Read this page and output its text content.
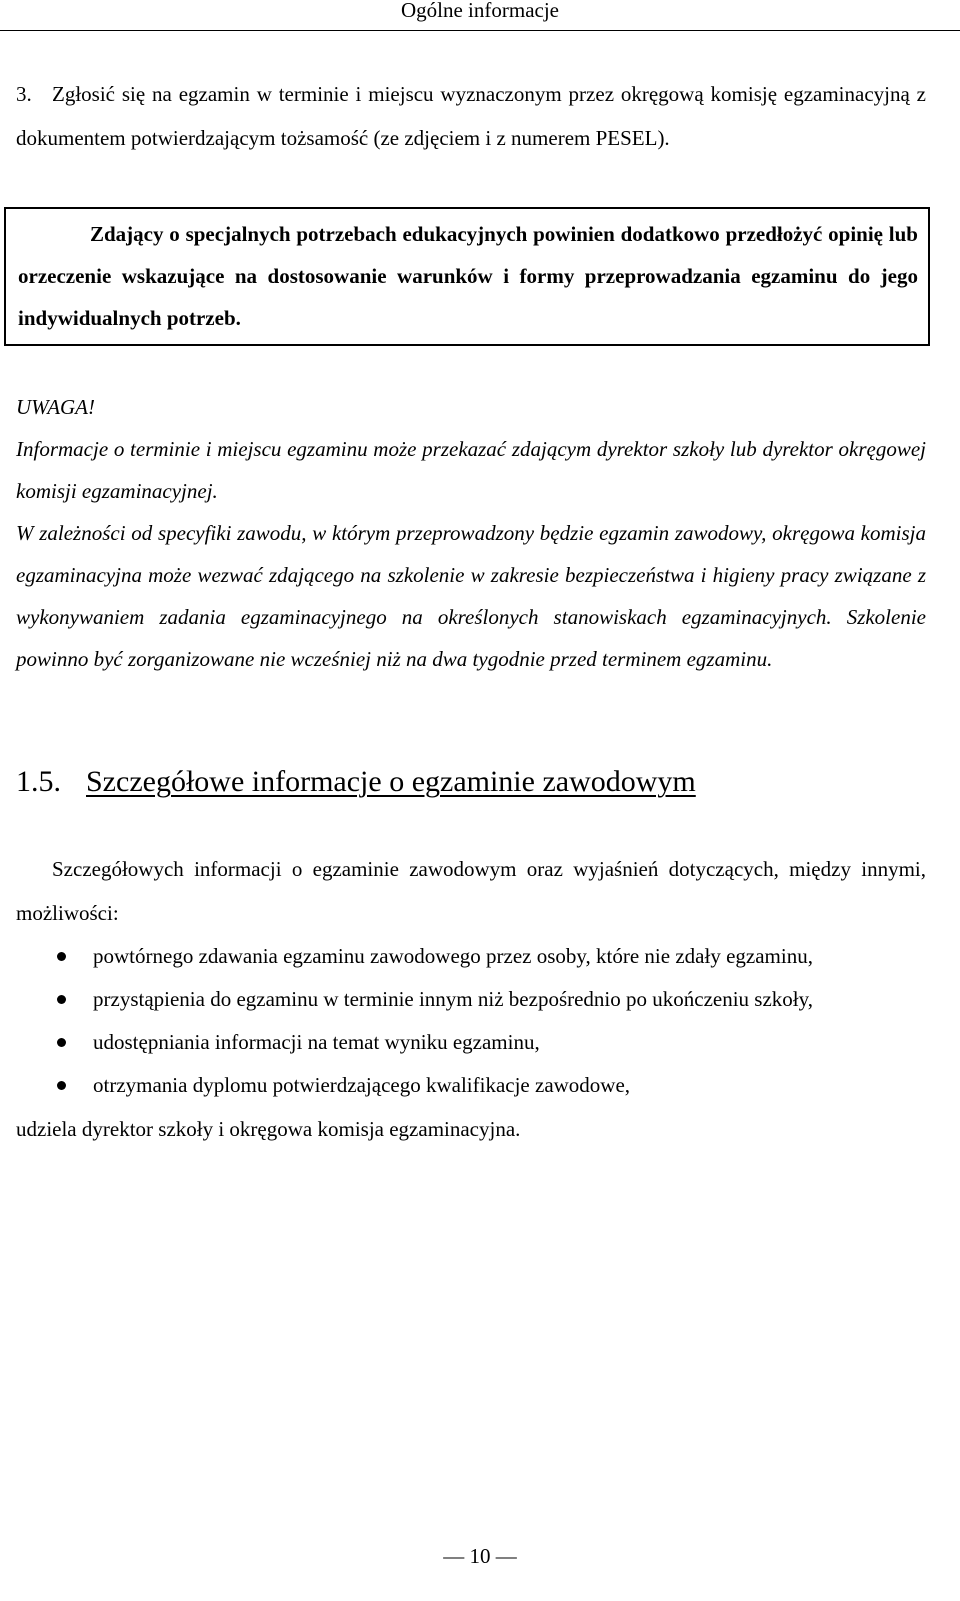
Ogólne informacje
3. Zgłosić się na egzamin w terminie i miejscu wyznaczonym przez okręgową komisję egzaminacyjną z dokumentem potwierdzającym tożsamość (ze zdjęciem i z numerem PESEL).
Zdający o specjalnych potrzebach edukacyjnych powinien dodatkowo przedłożyć opinię lub orzeczenie wskazujące na dostosowanie warunków i formy przeprowadzania egzaminu do jego indywidualnych potrzeb.

UWAGA!

Informacje o terminie i miejscu egzaminu może przekazać zdającym dyrektor szkoły lub dyrektor okręgowej komisji egzaminacyjnej.

W zależności od specyfiki zawodu, w którym przeprowadzony będzie egzamin zawodowy, okręgowa komisja egzaminacyjna może wezwać zdającego na szkolenie w zakresie bezpieczeństwa i higieny pracy związane z wykonywaniem zadania egzaminacyjnego na określonych stanowiskach egzaminacyjnych. Szkolenie powinno być zorganizowane nie wcześniej niż na dwa tygodnie przed terminem egzaminu.

1.5. Szczegółowe informacje o egzaminie zawodowym

Szczegółowych informacji o egzaminie zawodowym oraz wyjaśnień dotyczących, między innymi, możliwości:

powtórnego zdawania egzaminu zawodowego przez osoby, które nie zdały egzaminu,
przystąpienia do egzaminu w terminie innym niż bezpośrednio po ukończeniu szkoły,
udostępniania informacji na temat wyniku egzaminu,
otrzymania dyplomu potwierdzającego kwalifikacje zawodowe,

udziela dyrektor szkoły i okręgowa komisja egzaminacyjna.

— 10 —
